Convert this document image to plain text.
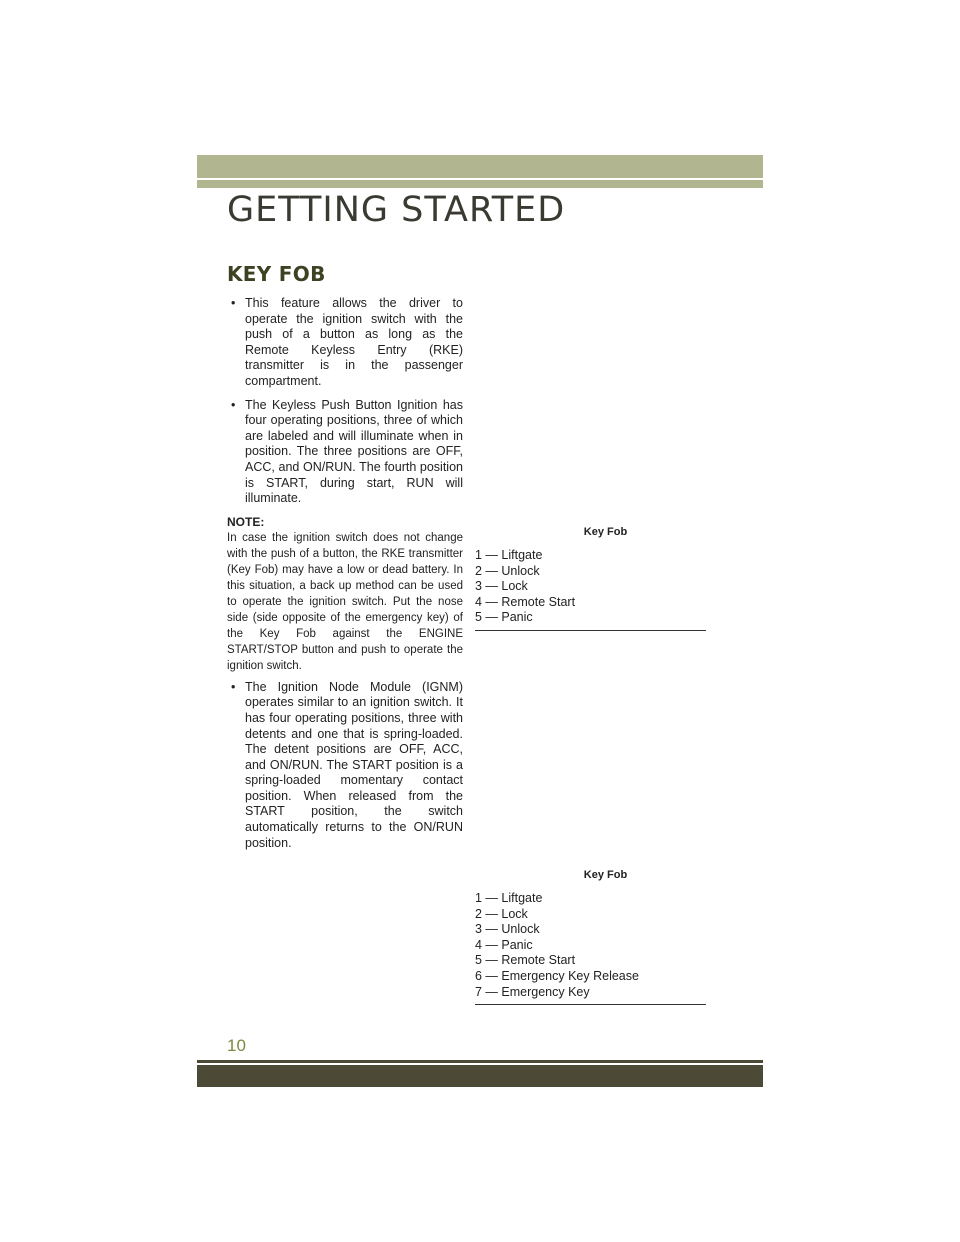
GETTING STARTED
KEY FOB
• This feature allows the driver to operate the ignition switch with the push of a button as long as the Remote Keyless Entry (RKE) transmitter is in the passenger compartment.
• The Keyless Push Button Ignition has four operating positions, three of which are labeled and will illuminate when in position. The three positions are OFF, ACC, and ON/RUN. The fourth position is START, during start, RUN will illuminate.
NOTE:
In case the ignition switch does not change with the push of a button, the RKE transmitter (Key Fob) may have a low or dead battery. In this situation, a back up method can be used to operate the ignition switch. Put the nose side (side opposite of the emergency key) of the Key Fob against the ENGINE START/STOP button and push to operate the ignition switch.
• The Ignition Node Module (IGNM) operates similar to an ignition switch. It has four operating positions, three with detents and one that is spring-loaded. The detent positions are OFF, ACC, and ON/RUN. The START position is a spring-loaded momentary contact position. When released from the START position, the switch automatically returns to the ON/RUN position.
Key Fob
1 — Liftgate
2 — Unlock
3 — Lock
4 — Remote Start
5 — Panic
Key Fob
1 — Liftgate
2 — Lock
3 — Unlock
4 — Panic
5 — Remote Start
6 — Emergency Key Release
7 — Emergency Key
10
